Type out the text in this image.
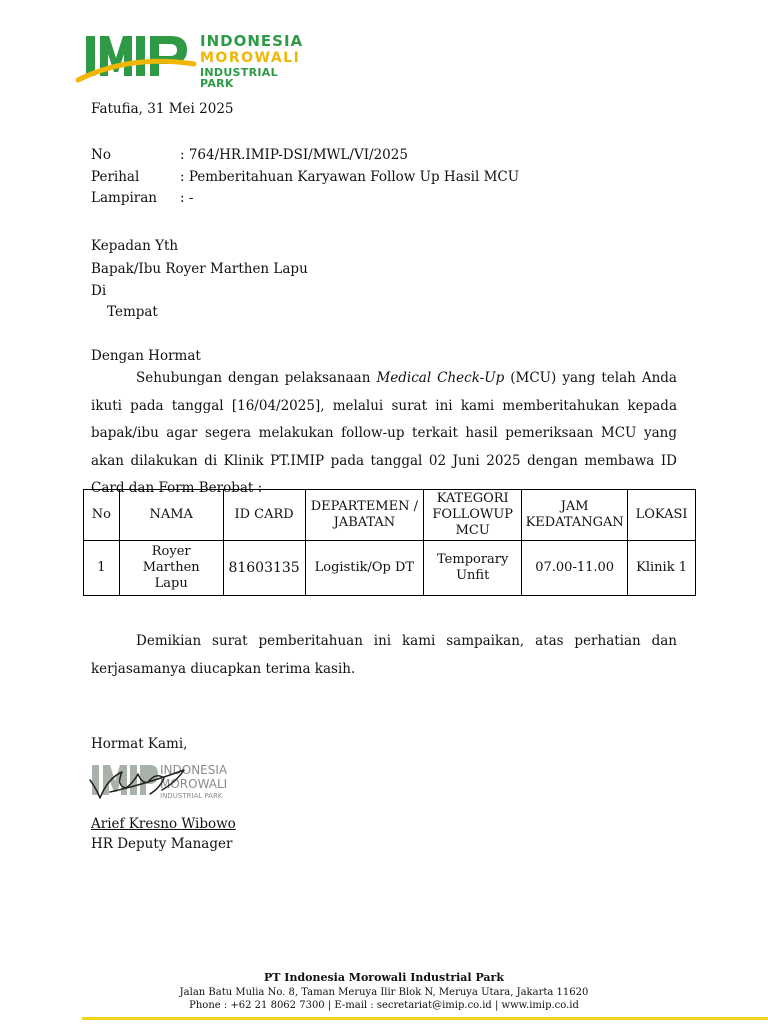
INDONESIA
MOROWALI
INDUSTRIAL PARK
Fatufia, 31 Mei 2025
No	: 764/HR.IMIP-DSI/MWL/VI/2025
Perihal	: Pemberitahuan Karyawan Follow Up Hasil MCU
Lampiran : -
Kepadan Yth
Bapak/Ibu Royer Marthen Lapu
Di
Tempat
Dengan Hormat
Sehubungan dengan pelaksanaan Medical Check-Up (MCU) yang telah Anda ikuti pada tanggal [16/04/2025], melalui surat ini kami memberitahukan kepada bapak/ibu agar segera melakukan follow-up terkait hasil pemeriksaan MCU yang akan dilakukan di Klinik PT.IMIP pada tanggal 02 Juni 2025 dengan membawa ID Card dan Form Berobat :
No	NAMA	ID CARD	DEPARTEMEN / JABATAN	KATEGORI FOLLOWUP MCU	JAM KEDATANGAN	LOKASI
1	Royer Marthen Lapu	81603135	Logistik/Op DT	Temporary Unfit	07.00-11.00	Klinik 1
Demikian surat pemberitahuan ini kami sampaikan, atas perhatian dan kerjasamanya diucapkan terima kasih.
Hormat Kami,
INDONESIA
MOROWALI
INDUSTRIAL PARK
Arief Kresno Wibowo
HR Deputy Manager
PT Indonesia Morowali Industrial Park
Jalan Batu Mulia No. 8, Taman Meruya Ilir Blok N, Meruya Utara, Jakarta 11620
Phone : +62 21 8062 7300 | E-mail : secretariat@imip.co.id | www.imip.co.id
